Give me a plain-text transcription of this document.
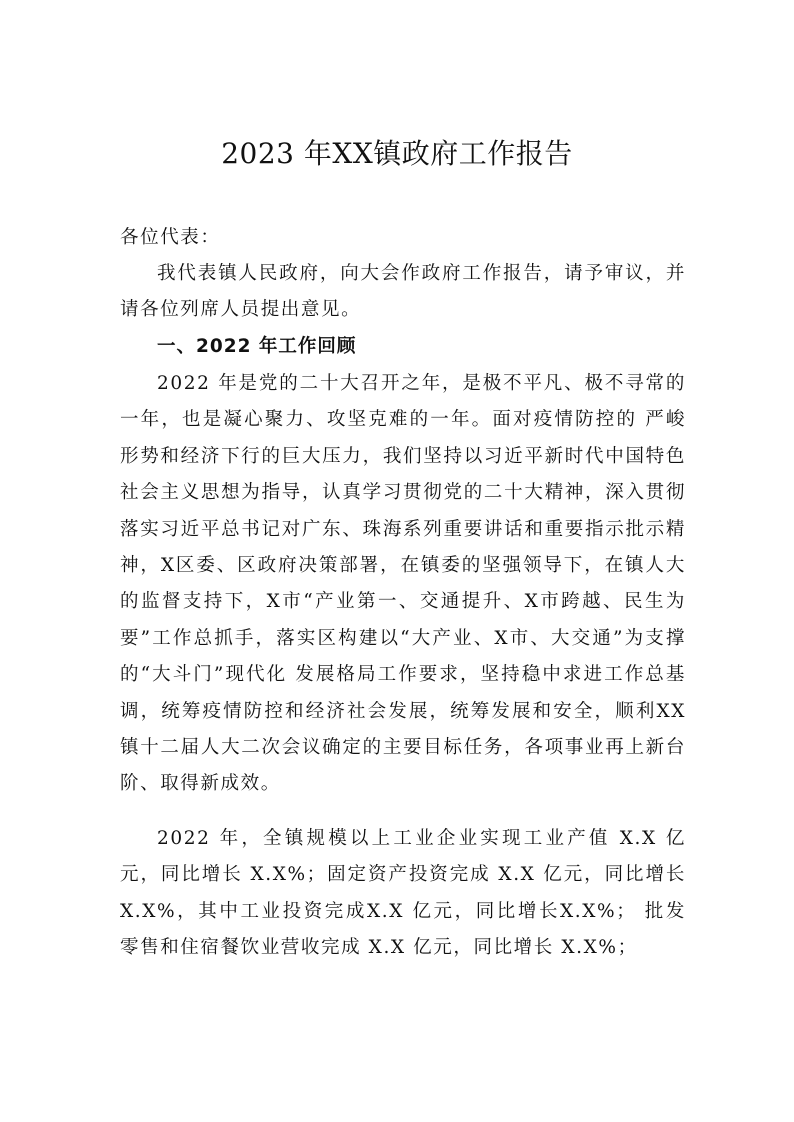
2023 年XX镇政府工作报告

各位代表：

我代表镇人民政府，向大会作政府工作报告，请予审议，并请各位列席人员提出意见。

一、2022 年工作回顾

2022 年是党的二十大召开之年，是极不平凡、极不寻常的一年，也是凝心聚力、攻坚克难的一年。面对疫情防控的 严峻形势和经济下行的巨大压力，我们坚持以习近平新时代中国特色社会主义思想为指导，认真学习贯彻党的二十大精神，深入贯彻落实习近平总书记对广东、珠海系列重要讲话和重要指示批示精神，X区委、区政府决策部署，在镇委的坚强领导下，在镇人大的监督支持下，X市“产业第一、交通提升、X市跨越、民生为要”工作总抓手，落实区构建以“大产业、X市、大交通”为支撑的“大斗门”现代化 发展格局工作要求，坚持稳中求进工作总基调，统筹疫情防控和经济社会发展，统筹发展和安全，顺利XX镇十二届人大二次会议确定的主要目标任务，各项事业再上新台阶、取得新成效。

2022 年，全镇规模以上工业企业实现工业产值 X.X 亿元，同比增长 X.X%；固定资产投资完成 X.X 亿元，同比增长 X.X%，其中工业投资完成X.X 亿元，同比增长X.X%； 批发零售和住宿餐饮业营收完成 X.X 亿元，同比增长 X.X%；
